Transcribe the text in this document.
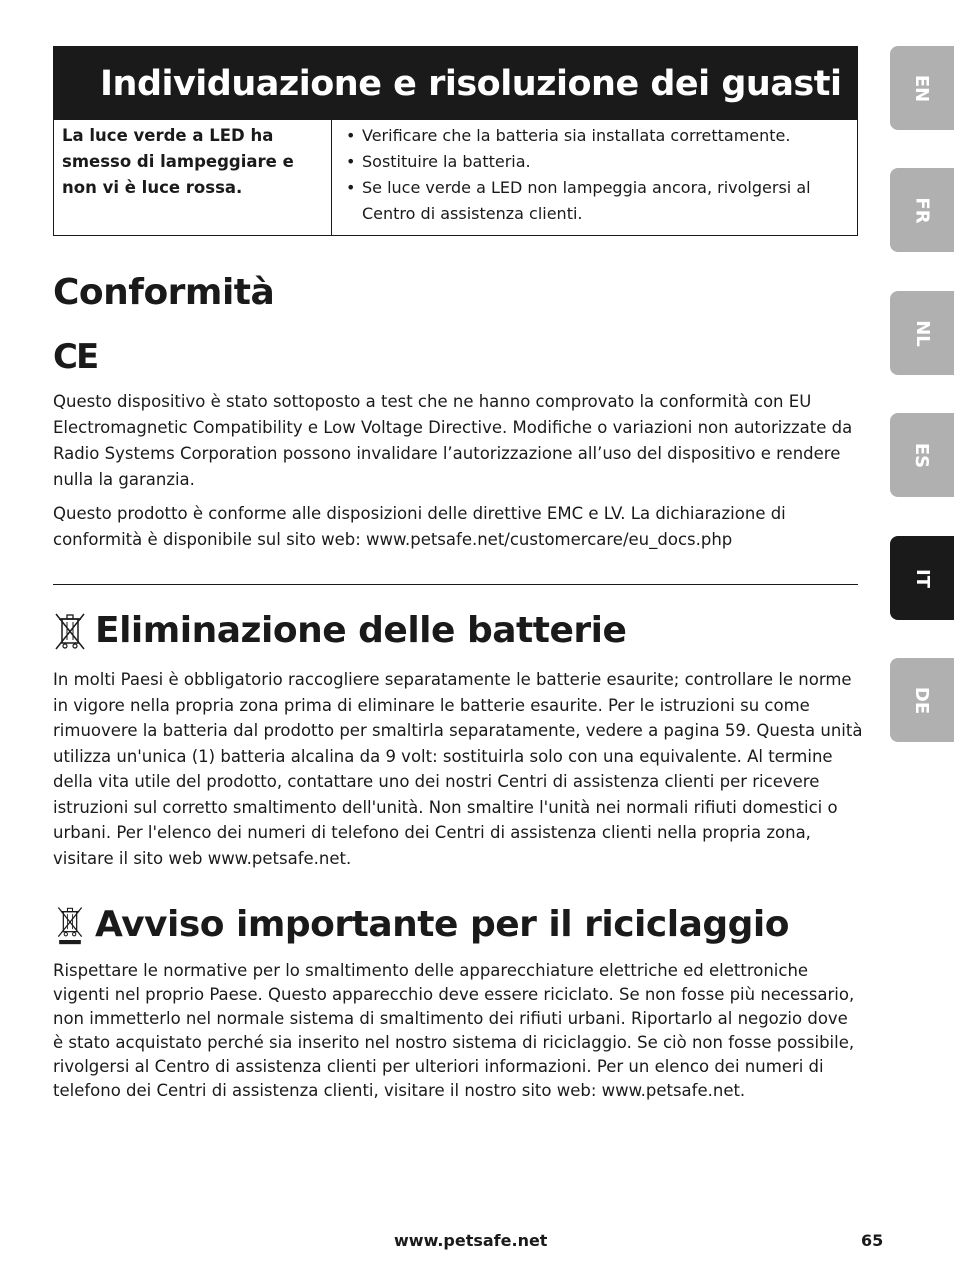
Individuazione e risoluzione dei guasti
La luce verde a LED ha smesso di lampeggiare e non vi è luce rossa.
• Verificare che la batteria sia installata correttamente.
• Sostituire la batteria.
• Se luce verde a LED non lampeggia ancora, rivolgersi al Centro di assistenza clienti.
Conformità
CE

Questo dispositivo è stato sottoposto a test che ne hanno comprovato la conformità con EU Electromagnetic Compatibility e Low Voltage Directive. Modifiche o variazioni non autorizzate da Radio Systems Corporation possono invalidare l’autorizzazione all’uso del dispositivo e rendere nulla la garanzia.

Questo prodotto è conforme alle disposizioni delle direttive EMC e LV. La dichiarazione di conformità è disponibile sul sito web: www.petsafe.net/customercare/eu_docs.php

Eliminazione delle batterie

In molti Paesi è obbligatorio raccogliere separatamente le batterie esaurite; controllare le norme in vigore nella propria zona prima di eliminare le batterie esaurite. Per le istruzioni su come rimuovere la batteria dal prodotto per smaltirla separatamente, vedere a pagina 59. Questa unità utilizza un'unica (1) batteria alcalina da 9 volt: sostituirla solo con una equivalente. Al termine della vita utile del prodotto, contattare uno dei nostri Centri di assistenza clienti per ricevere istruzioni sul corretto smaltimento dell'unità. Non smaltire l'unità nei normali rifiuti domestici o urbani. Per l'elenco dei numeri di telefono dei Centri di assistenza clienti nella propria zona, visitare il sito web www.petsafe.net.

Avviso importante per il riciclaggio

Rispettare le normative per lo smaltimento delle apparecchiature elettriche ed elettroniche vigenti nel proprio Paese. Questo apparecchio deve essere riciclato. Se non fosse più necessario, non immetterlo nel normale sistema di smaltimento dei rifiuti urbani. Riportarlo al negozio dove è stato acquistato perché sia inserito nel nostro sistema di riciclaggio. Se ciò non fosse possibile, rivolgersi al Centro di assistenza clienti per ulteriori informazioni. Per un elenco dei numeri di telefono dei Centri di assistenza clienti, visitare il nostro sito web: www.petsafe.net.

EN
FR
NL
ES
IT
DE
www.petsafe.net	65
